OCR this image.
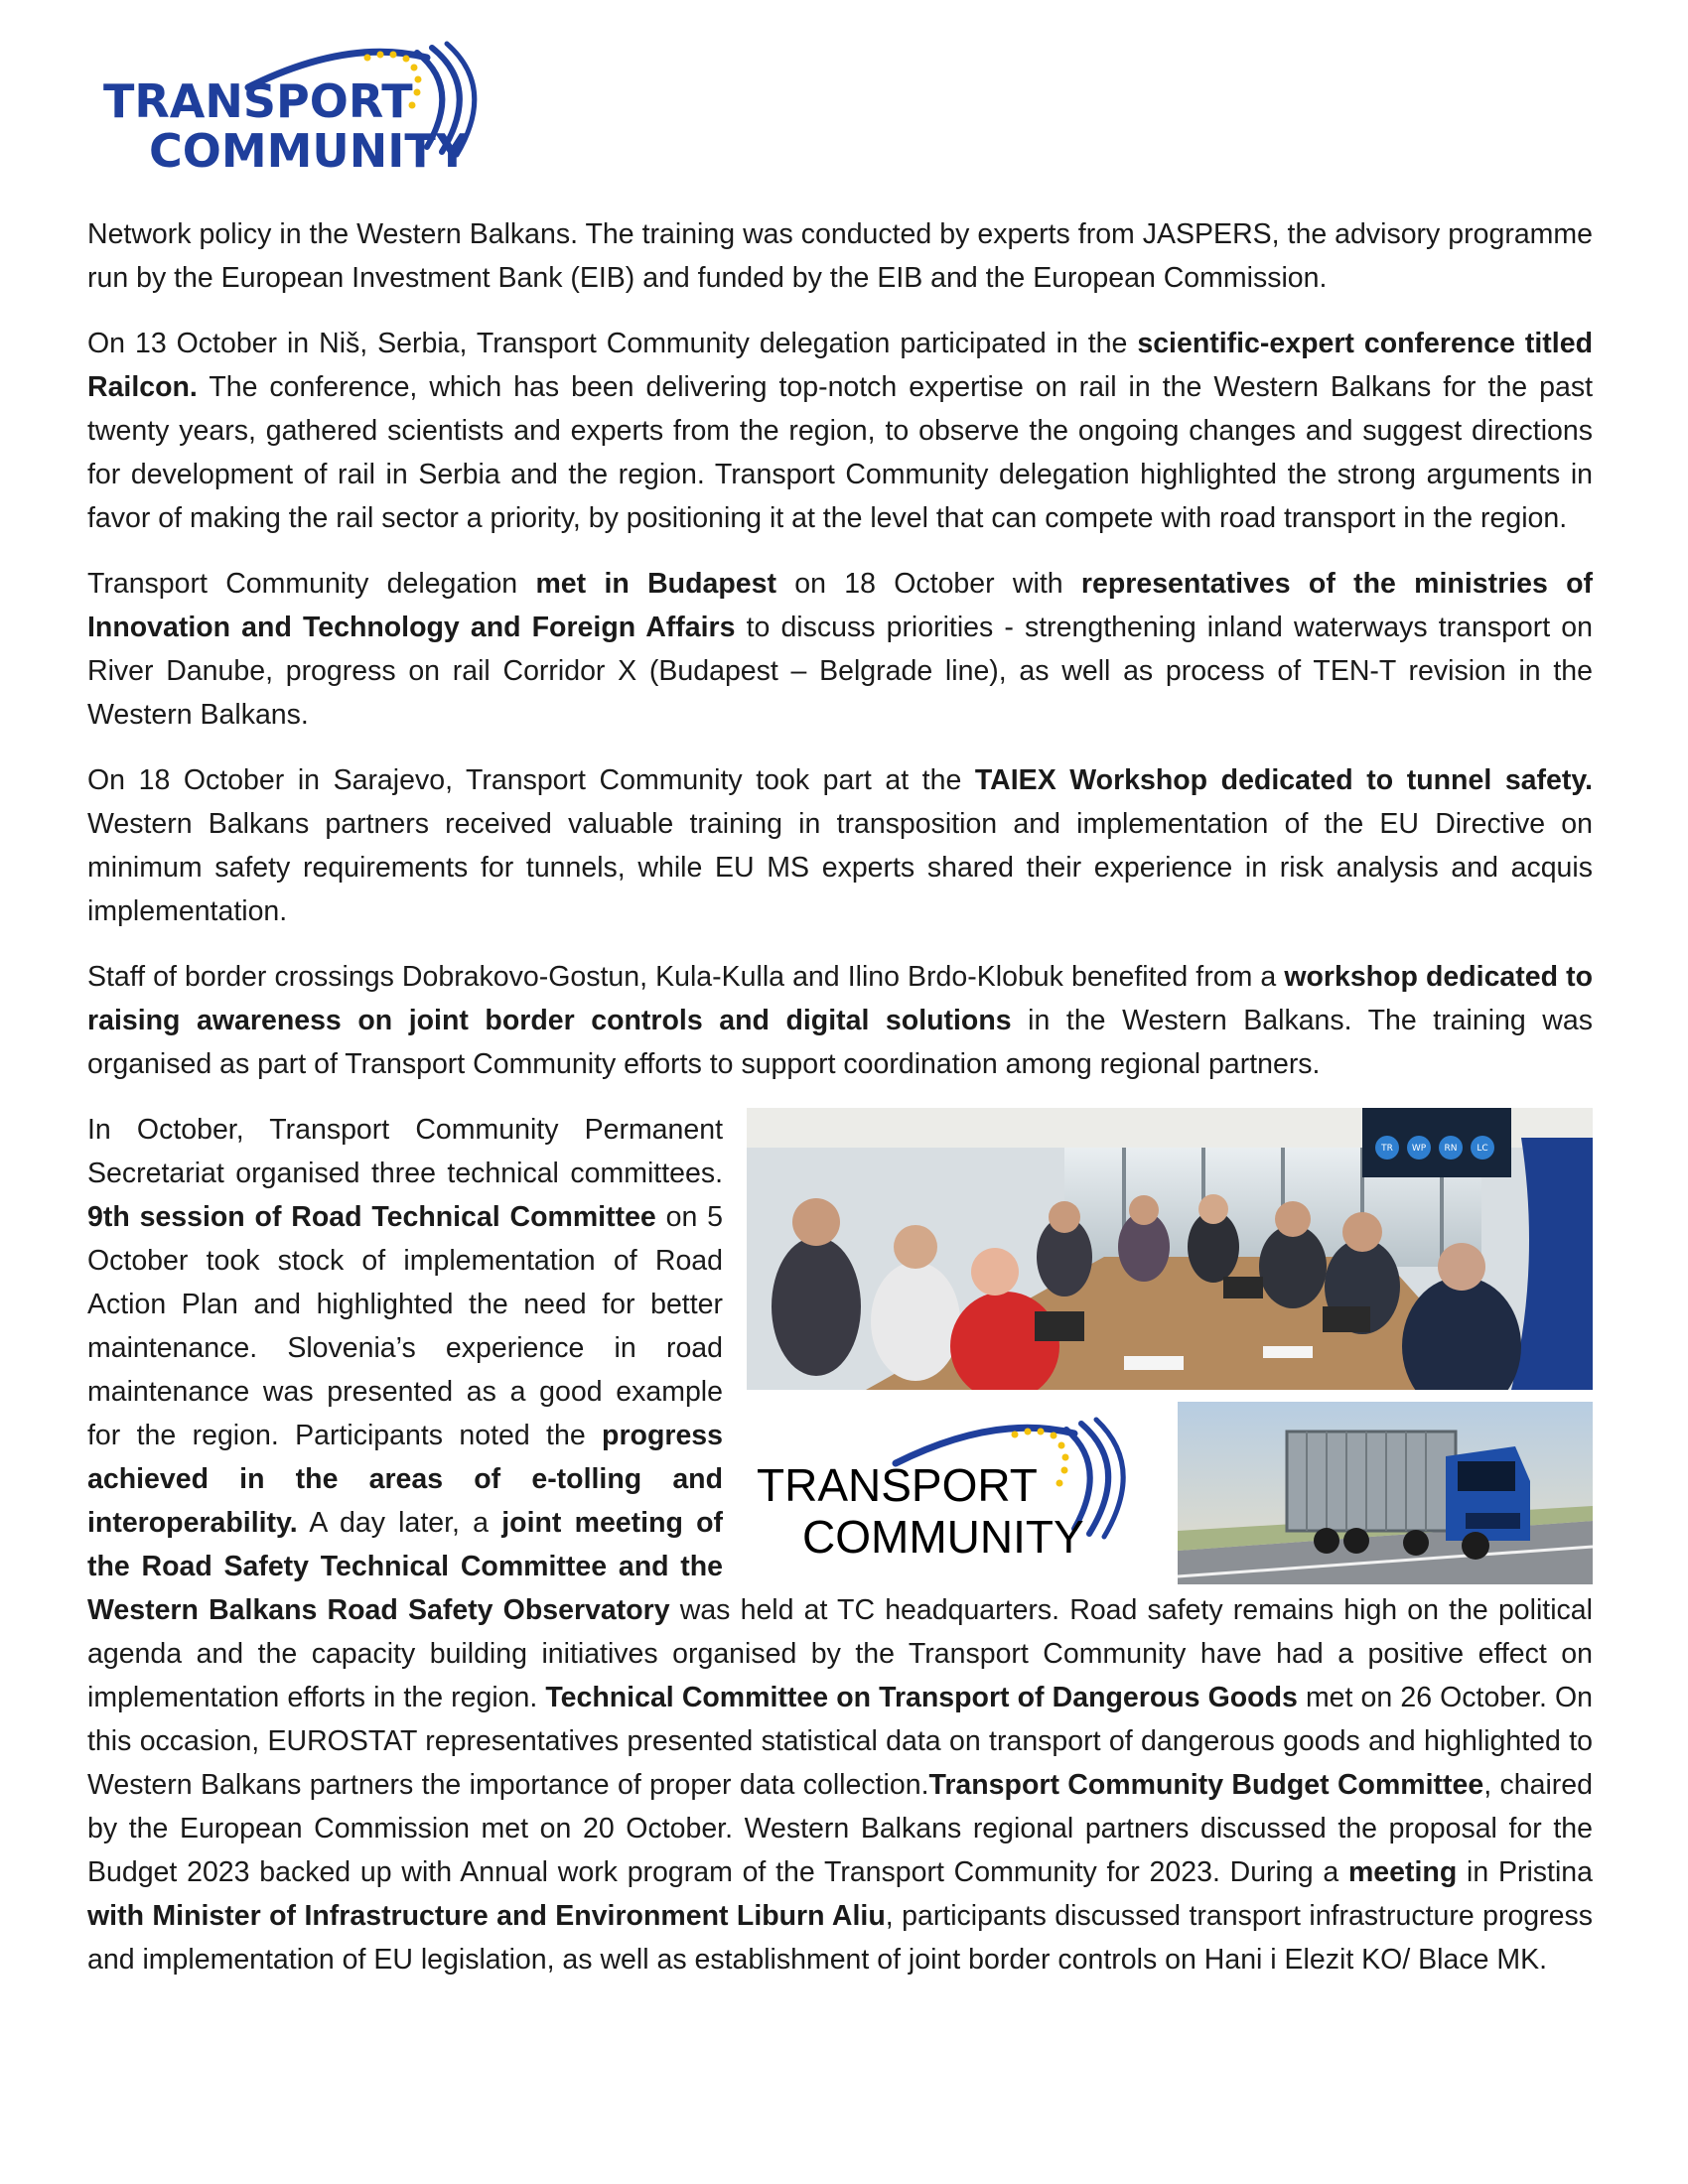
TRANSPORT
COMMUNITY

Network policy in the Western Balkans. The training was conducted by experts from JASPERS, the advisory programme run by the European Investment Bank (EIB) and funded by the EIB and the European Commission.

On 13 October in Niš, Serbia, Transport Community delegation participated in the scientific-expert conference titled Railcon. The conference, which has been delivering top-notch expertise on rail in the Western Balkans for the past twenty years, gathered scientists and experts from the region, to observe the ongoing changes and suggest directions for development of rail in Serbia and the region. Transport Community delegation highlighted the strong arguments in favor of making the rail sector a priority, by positioning it at the level that can compete with road transport in the region.

Transport Community delegation met in Budapest on 18 October with representatives of the ministries of Innovation and Technology and Foreign Affairs to discuss priorities - strengthening inland waterways transport on River Danube, progress on rail Corridor X (Budapest – Belgrade line), as well as process of TEN-T revision in the Western Balkans.

On 18 October in Sarajevo, Transport Community took part at the TAIEX Workshop dedicated to tunnel safety. Western Balkans partners received valuable training in transposition and implementation of the EU Directive on minimum safety requirements for tunnels, while EU MS experts shared their experience in risk analysis and acquis implementation.

Staff of border crossings Dobrakovo-Gostun, Kula-Kulla and Ilino Brdo-Klobuk benefited from a workshop dedicated to raising awareness on joint border controls and digital solutions in the Western Balkans. The training was organised as part of Transport Community efforts to support coordination among regional partners.

TR WP RN LC
TRANSPORT
COMMUNITY
In October, Transport Community Permanent Secretariat organised three technical committees. 9th session of Road Technical Committee on 5 October took stock of implementation of Road Action Plan and highlighted the need for better maintenance. Slovenia’s experience in road maintenance was presented as a good example for the region. Participants noted the progress achieved in the areas of e-tolling and interoperability. A day later, a joint meeting of the Road Safety Technical Committee and the Western Balkans Road Safety Observatory was held at TC headquarters. Road safety remains high on the political agenda and the capacity building initiatives organised by the Transport Community have had a positive effect on implementation efforts in the region. Technical Committee on Transport of Dangerous Goods met on 26 October. On this occasion, EUROSTAT representatives presented statistical data on transport of dangerous goods and highlighted to Western Balkans partners the importance of proper data collection.Transport Community Budget Committee, chaired by the European Commission met on 20 October. Western Balkans regional partners discussed the proposal for the Budget 2023 backed up with Annual work program of the Transport Community for 2023. During a meeting in Pristina with Minister of Infrastructure and Environment Liburn Aliu, participants discussed transport infrastructure progress and implementation of EU legislation, as well as establishment of joint border controls on Hani i Elezit KO/ Blace MK.
